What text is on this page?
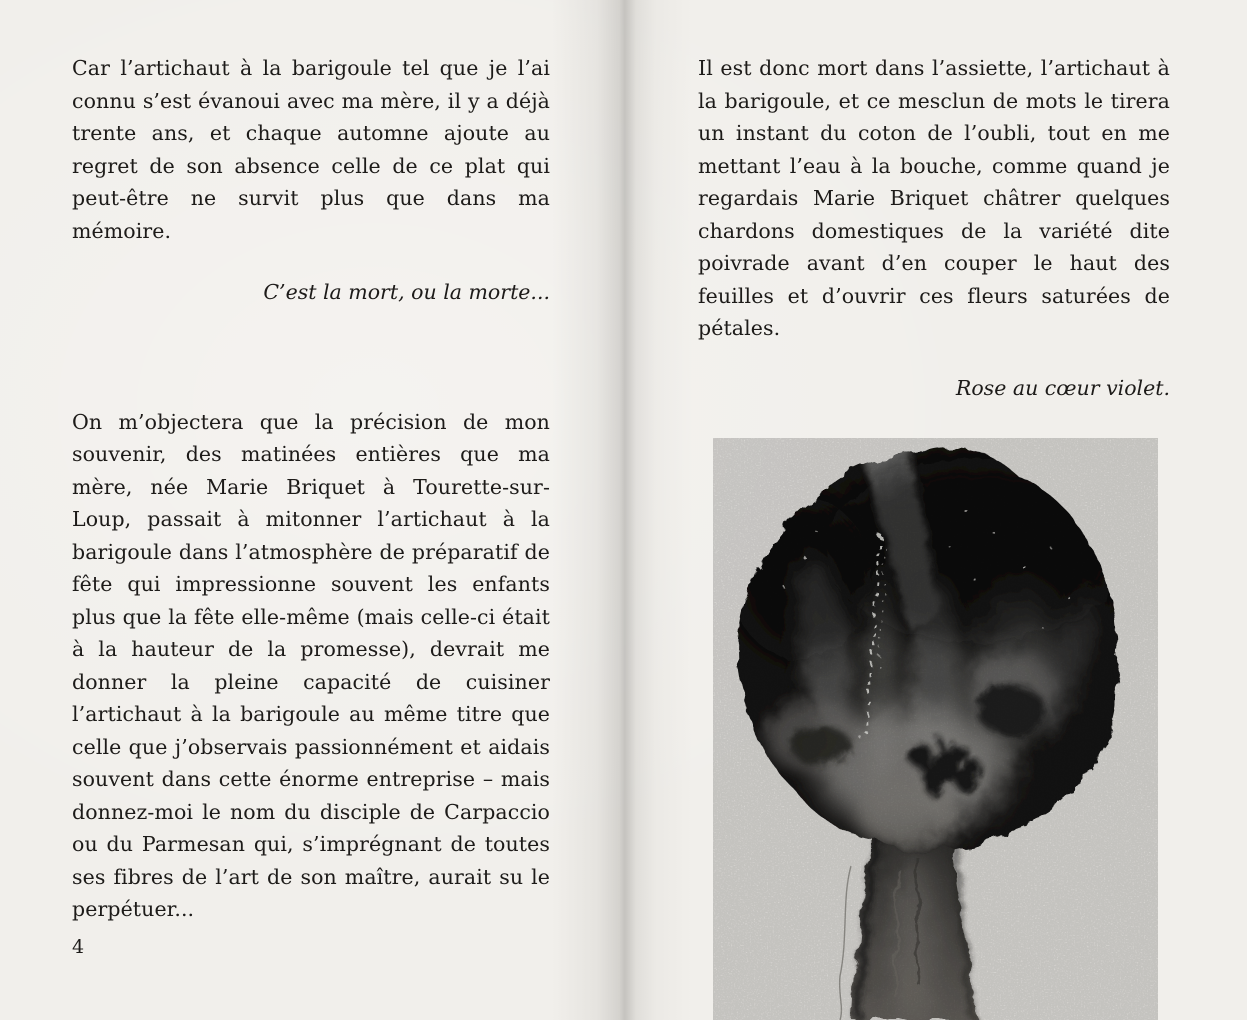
Car l’artichaut à la barigoule tel que je l’ai connu s’est évanoui avec ma mère, il y a déjà trente ans, et chaque automne ajoute au regret de son absence celle de ce plat qui peut-être ne survit plus que dans ma mémoire.

C’est la mort, ou la morte...

On m’objectera que la précision de mon souvenir, des matinées entières que ma mère, née Marie Briquet à Tourette-sur-Loup, passait à mitonner l’artichaut à la barigoule dans l’atmosphère de préparatif de fête qui impressionne souvent les enfants plus que la fête elle-même (mais celle-ci était à la hauteur de la promesse), devrait me donner la pleine capacité de cuisiner l’artichaut à la barigoule au même titre que celle que j’observais passionnément et aidais souvent dans cette énorme entreprise – mais donnez-moi le nom du disciple de Carpaccio ou du Parmesan qui, s’imprégnant de toutes ses fibres de l’art de son maître, aurait su le perpétuer...

4

Il est donc mort dans l’assiette, l’artichaut à la barigoule, et ce mesclun de mots le tirera un instant du coton de l’oubli, tout en me mettant l’eau à la bouche, comme quand je regardais Marie Briquet châtrer quelques chardons domestiques de la variété dite poivrade avant d’en couper le haut des feuilles et d’ouvrir ces fleurs saturées de pétales.

Rose au cœur violet.
